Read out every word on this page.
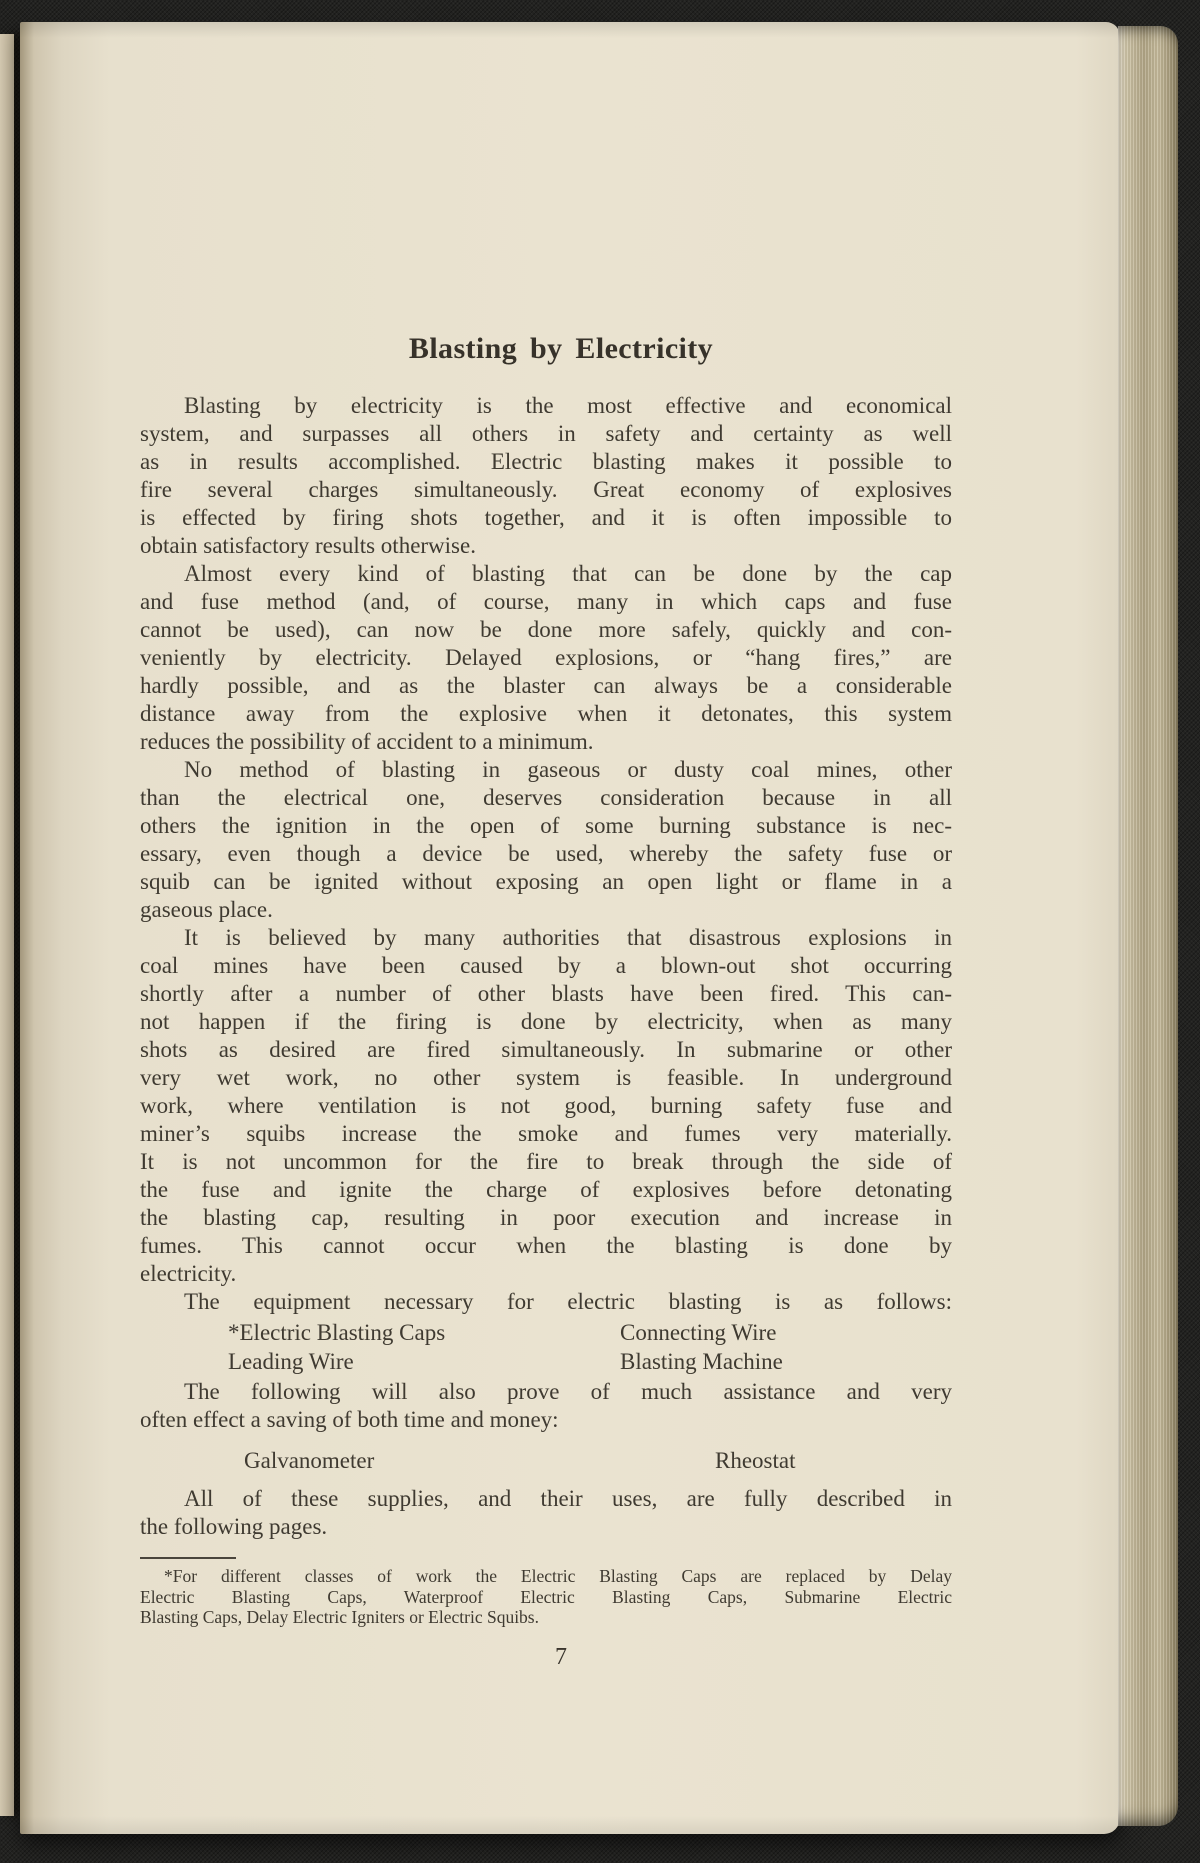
Blasting by Electricity
Blasting by electricity is the most effective and economical
system, and surpasses all others in safety and certainty as well
as in results accomplished. Electric blasting makes it possible to
fire several charges simultaneously. Great economy of explosives
is effected by firing shots together, and it is often impossible to
obtain satisfactory results otherwise.
Almost every kind of blasting that can be done by the cap
and fuse method (and, of course, many in which caps and fuse
cannot be used), can now be done more safely, quickly and con-
veniently by electricity. Delayed explosions, or “hang fires,” are
hardly possible, and as the blaster can always be a considerable
distance away from the explosive when it detonates, this system
reduces the possibility of accident to a minimum.
No method of blasting in gaseous or dusty coal mines, other
than the electrical one, deserves consideration because in all
others the ignition in the open of some burning substance is nec-
essary, even though a device be used, whereby the safety fuse or
squib can be ignited without exposing an open light or flame in a
gaseous place.
It is believed by many authorities that disastrous explosions in
coal mines have been caused by a blown-out shot occurring
shortly after a number of other blasts have been fired. This can-
not happen if the firing is done by electricity, when as many
shots as desired are fired simultaneously. In submarine or other
very wet work, no other system is feasible. In underground
work, where ventilation is not good, burning safety fuse and
miner’s squibs increase the smoke and fumes very materially.
It is not uncommon for the fire to break through the side of
the fuse and ignite the charge of explosives before detonating
the blasting cap, resulting in poor execution and increase in
fumes. This cannot occur when the blasting is done by
electricity.
The equipment necessary for electric blasting is as follows:
*Electric Blasting Caps	Connecting Wire
Leading Wire	Blasting Machine
The following will also prove of much assistance and very
often effect a saving of both time and money:
Galvanometer	Rheostat
All of these supplies, and their uses, are fully described in
the following pages.
*For different classes of work the Electric Blasting Caps are replaced by Delay
Electric Blasting Caps, Waterproof Electric Blasting Caps, Submarine Electric
Blasting Caps, Delay Electric Igniters or Electric Squibs.
7
